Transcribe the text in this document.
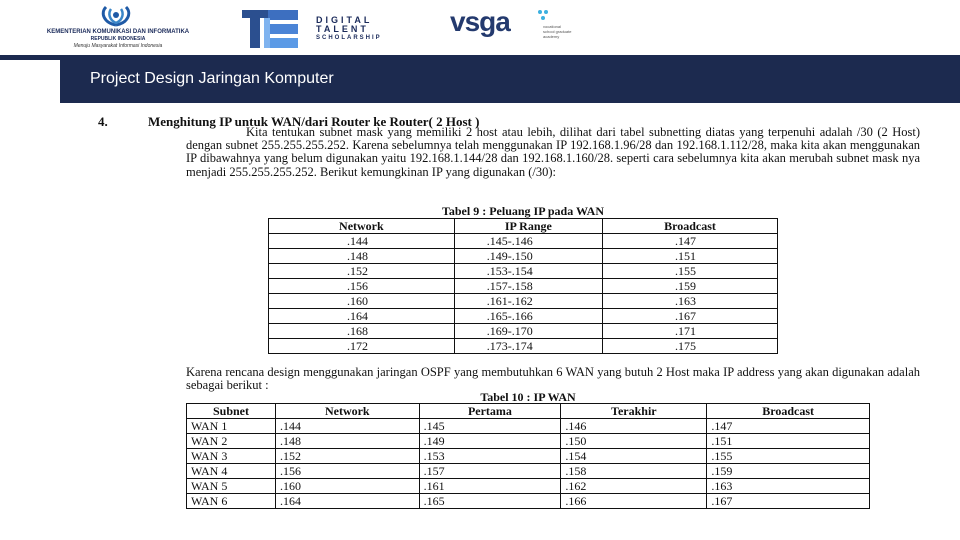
KEMENTERIAN KOMUNIKASI DAN INFORMATIKA
REPUBLIK INDONESIA
Menuju Masyarakat Informasi Indonesia
DIGITAL
TALENT
SCHOLARSHIP
vsga	vocational school graduate academy
Project Design Jaringan Komputer
4.	Menghitung IP untuk WAN/dari Router ke Router( 2 Host )
Kita tentukan subnet mask yang memiliki 2 host atau lebih, dilihat dari tabel subnetting diatas yang terpenuhi adalah /30 (2 Host) dengan subnet 255.255.255.252. Karena sebelumnya telah menggunakan IP 192.168.1.96/28 dan 192.168.1.112/28, maka kita akan menggunakan IP dibawahnya yang belum digunakan yaitu 192.168.1.144/28 dan 192.168.1.160/28. seperti cara sebelumnya kita akan merubah subnet mask nya menjadi 255.255.255.252. Berikut kemungkinan IP yang digunakan (/30):
Tabel 9 : Peluang IP pada WAN
Network	IP Range	Broadcast
.144	.145-.146	.147
.148	.149-.150	.151
.152	.153-.154	.155
.156	.157-.158	.159
.160	.161-.162	.163
.164	.165-.166	.167
.168	.169-.170	.171
.172	.173-.174	.175
Karena rencana design menggunakan jaringan OSPF yang membutuhkan 6 WAN yang butuh 2 Host maka IP address yang akan digunakan adalah sebagai berikut :
Tabel 10 : IP WAN
Subnet	Network	Pertama	Terakhir	Broadcast
WAN 1	.144	.145	.146	.147
WAN 2	.148	.149	.150	.151
WAN 3	.152	.153	.154	.155
WAN 4	.156	.157	.158	.159
WAN 5	.160	.161	.162	.163
WAN 6	.164	.165	.166	.167
